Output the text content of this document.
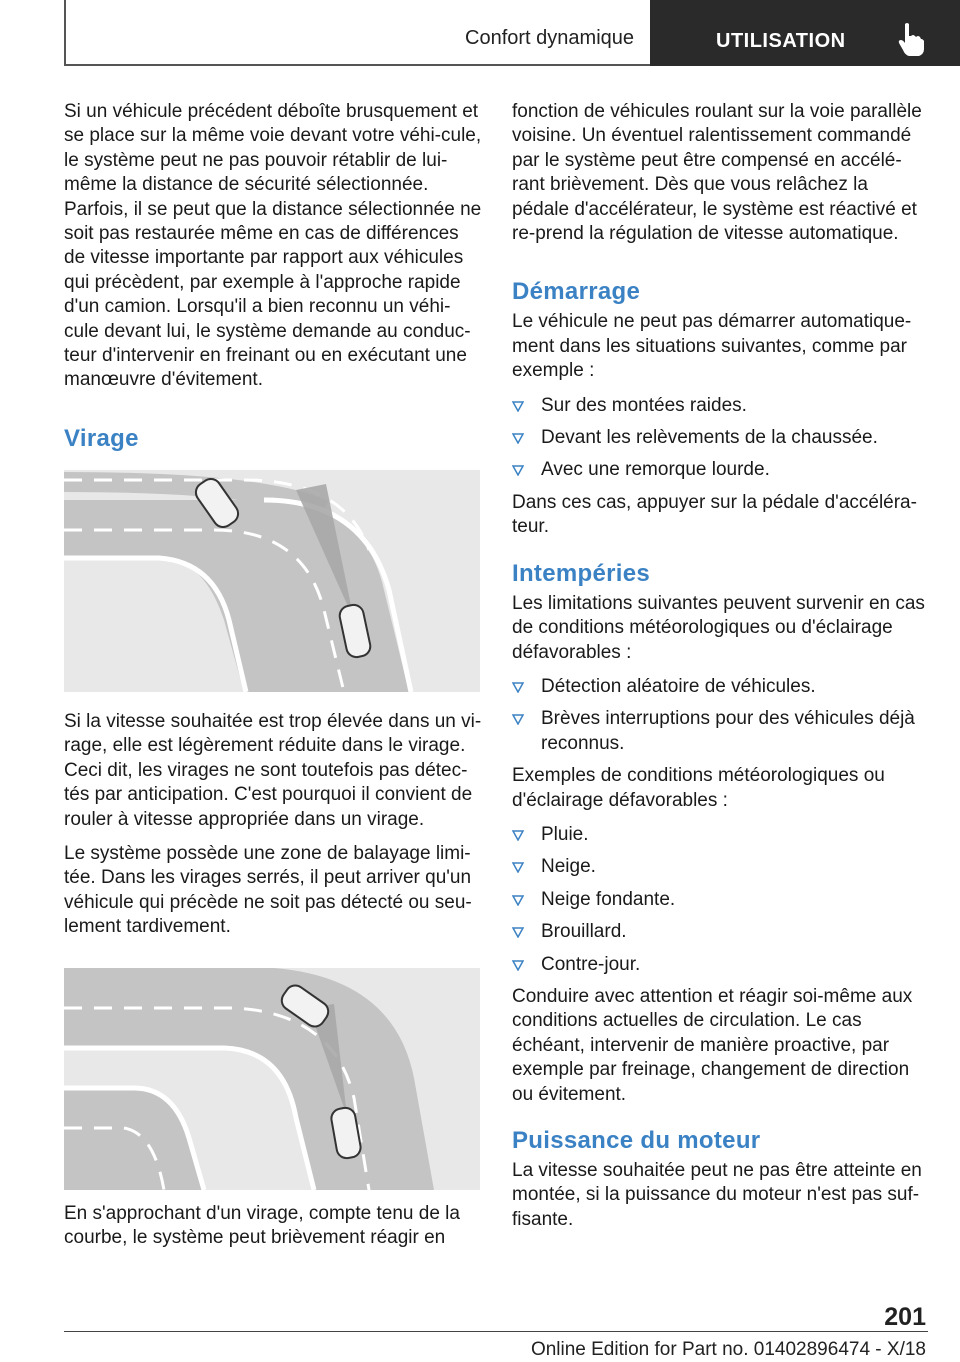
Confort dynamique	UTILISATION

Si un véhicule précédent déboîte brusquement et se place sur la même voie devant votre véhi‐cule, le système peut ne pas pouvoir rétablir de lui-même la distance de sécurité sélectionnée. Parfois, il se peut que la distance sélectionnée ne soit pas restaurée même en cas de différences de vitesse importante par rapport aux véhicules qui précèdent, par exemple à l'approche rapide d'un camion. Lorsqu'il a bien reconnu un véhi‐cule devant lui, le système demande au conduc‐teur d'intervenir en freinant ou en exécutant une manœuvre d'évitement.

Virage

Si la vitesse souhaitée est trop élevée dans un vi‐rage, elle est légèrement réduite dans le virage. Ceci dit, les virages ne sont toutefois pas détec‐tés par anticipation. C'est pourquoi il convient de rouler à vitesse appropriée dans un virage.

Le système possède une zone de balayage limi‐tée. Dans les virages serrés, il peut arriver qu'un véhicule qui précède ne soit pas détecté ou seu‐lement tardivement.

En s'approchant d'un virage, compte tenu de la courbe, le système peut brièvement réagir en

fonction de véhicules roulant sur la voie parallèle voisine. Un éventuel ralentissement commandé par le système peut être compensé en accélé‐rant brièvement. Dès que vous relâchez la pédale d'accélérateur, le système est réactivé et re‐prend la régulation de vitesse automatique.

Démarrage

Le véhicule ne peut pas démarrer automatique‐ment dans les situations suivantes, comme par exemple :

Sur des montées raides.
Devant les relèvements de la chaussée.
Avec une remorque lourde.

Dans ces cas, appuyer sur la pédale d'accéléra‐teur.

Intempéries

Les limitations suivantes peuvent survenir en cas de conditions météorologiques ou d'éclairage défavorables :

Détection aléatoire de véhicules.
Brèves interruptions pour des véhicules déjà reconnus.

Exemples de conditions météorologiques ou d'éclairage défavorables :

Pluie.
Neige.
Neige fondante.
Brouillard.
Contre-jour.

Conduire avec attention et réagir soi-même aux conditions actuelles de circulation. Le cas échéant, intervenir de manière proactive, par exemple par freinage, changement de direction ou évitement.

Puissance du moteur

La vitesse souhaitée peut ne pas être atteinte en montée, si la puissance du moteur n'est pas suf‐fisante.

201
Online Edition for Part no. 01402896474 - X/18
